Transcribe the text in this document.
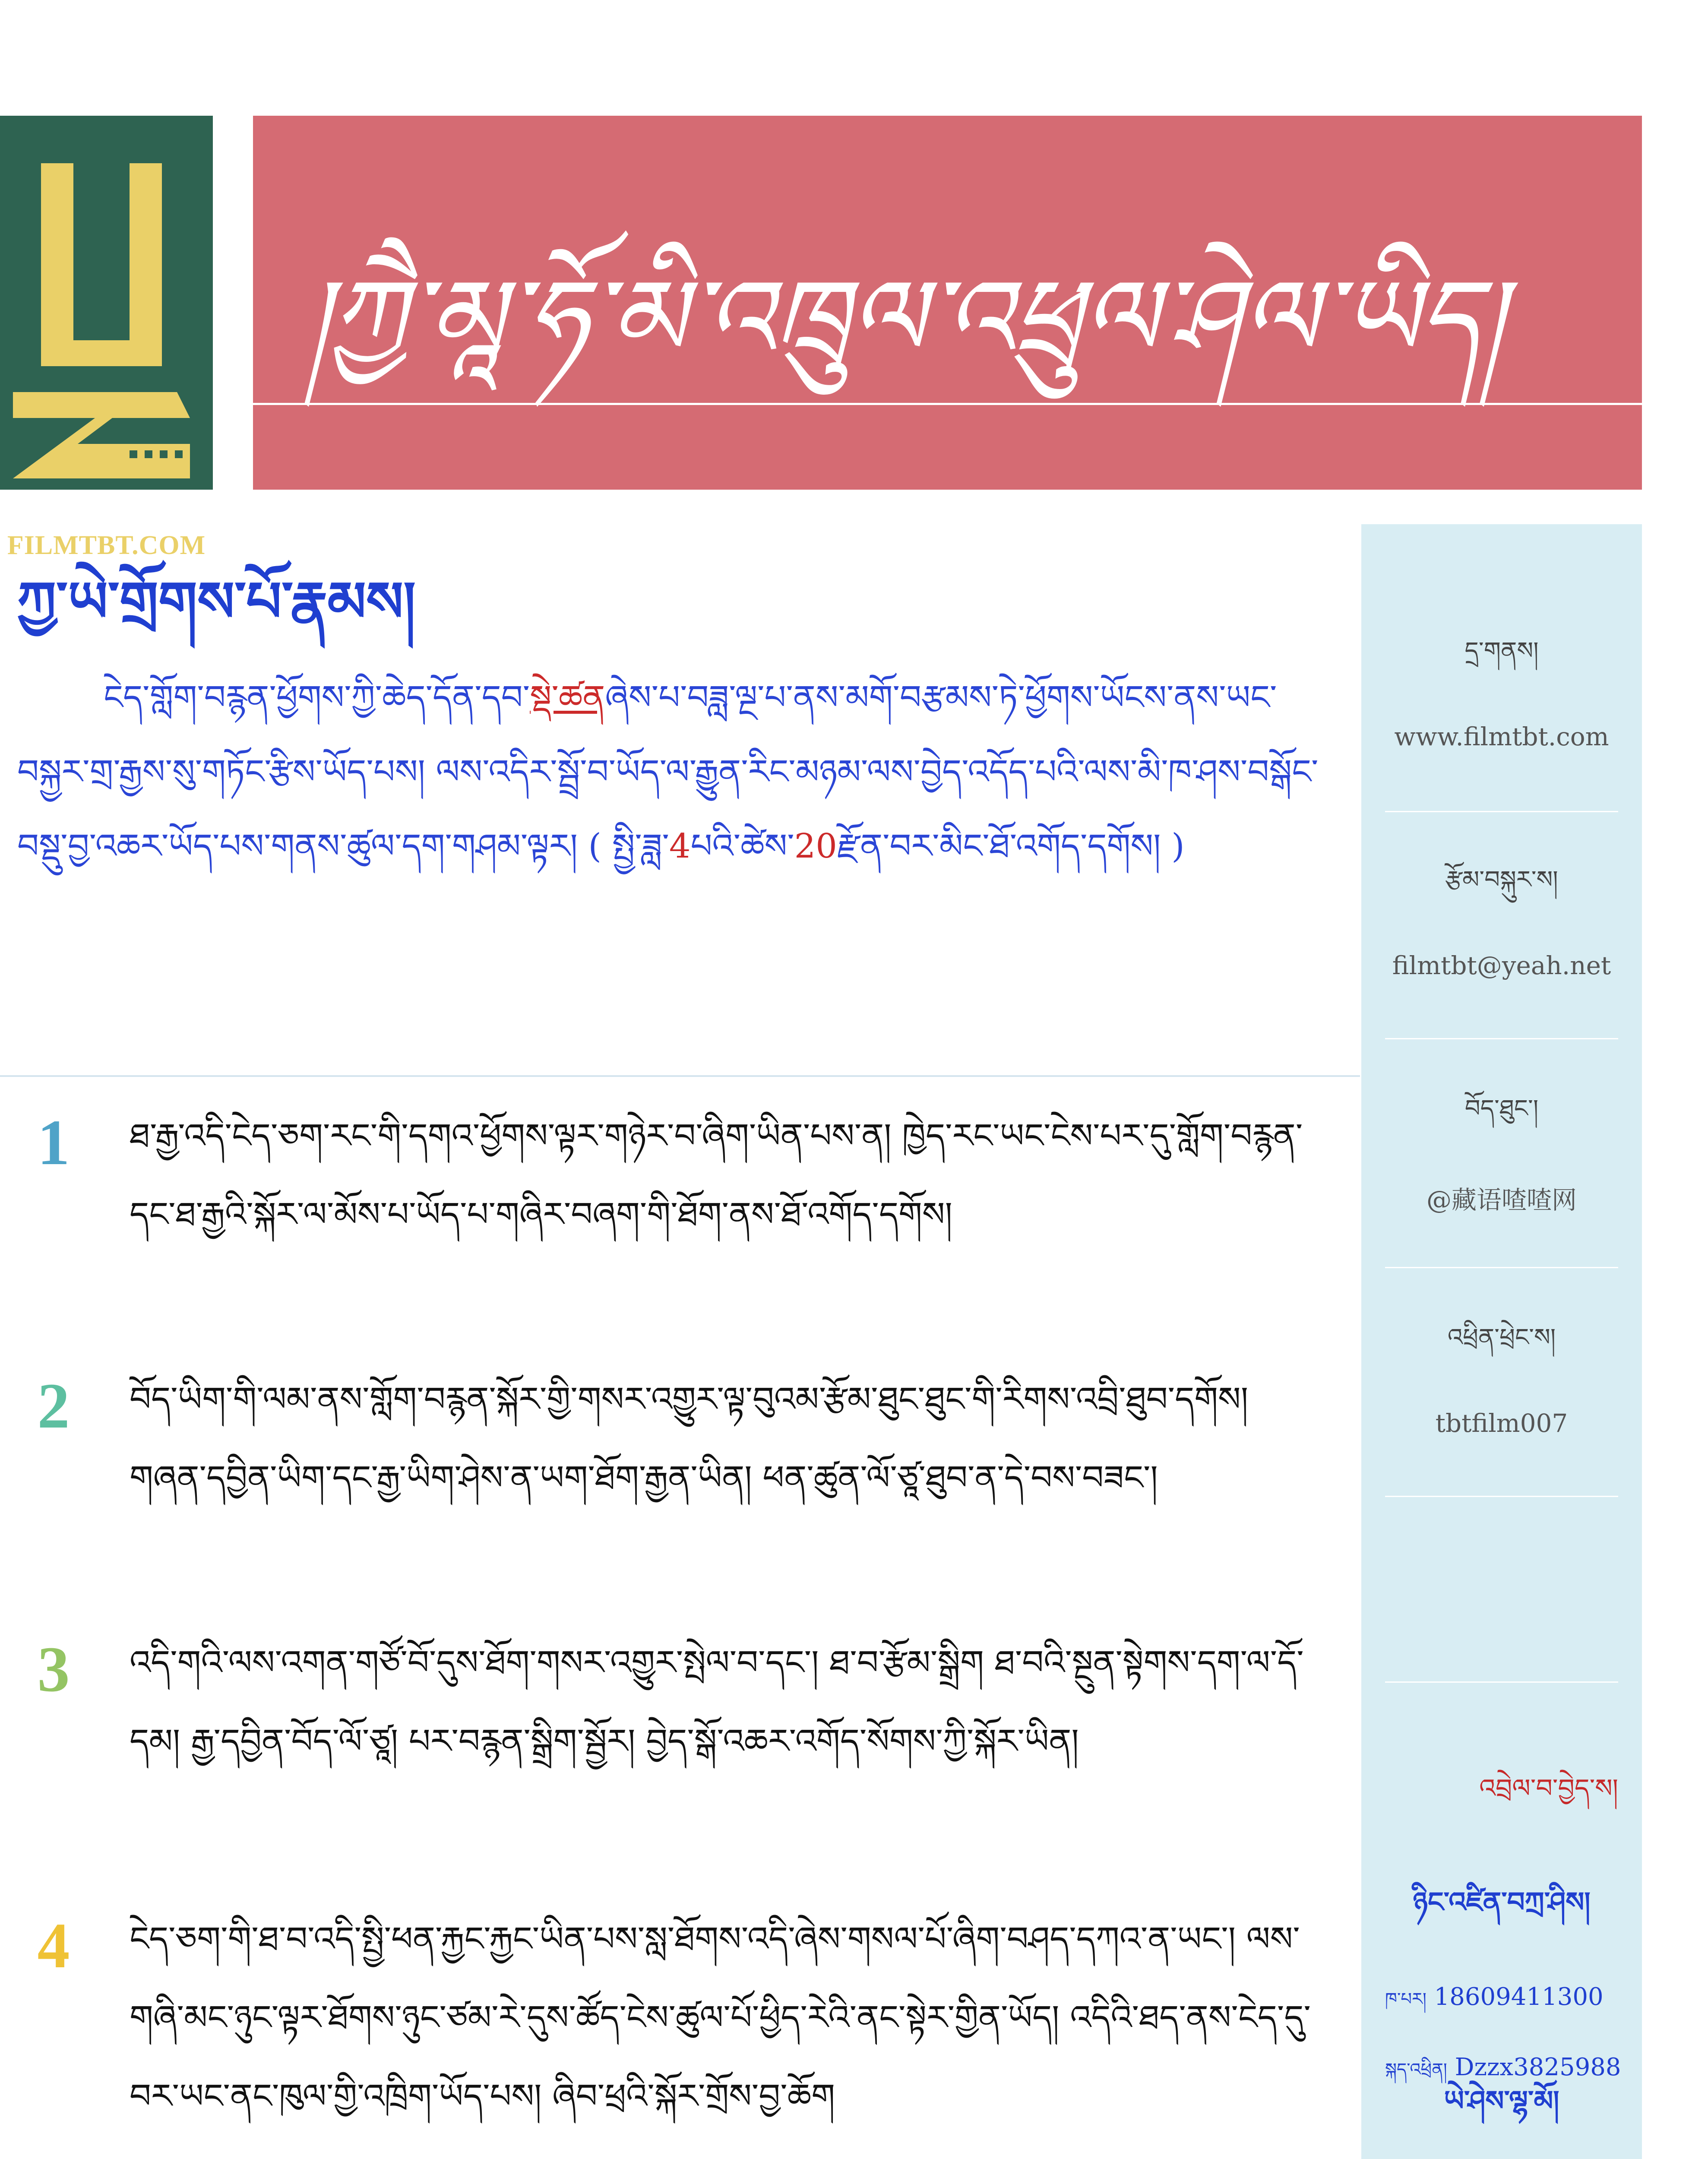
FILMTBT.COM
།ཀྱཻ་མཱ་ཧོ་མི་འཁྲུལ་འཕྲུལ་ཤེལ་ཡིད།
ཀྱ་ཡེ་གྲོགས་པོ་རྣམས།
ངེད་གློག་བརྙན་ཕྱོགས་ཀྱི་ཆེད་དོན་དབ་སྡེ་ཚནཞེས་པ་བཟླ་ལྔ་པ་ནས་མགོ་བརྩམས་ཏེ་ཕྱོགས་ཡོངས་ནས་ཡང་བསྐྱར་གྲ་རྒྱས་སུ་གཏོང་རྩིས་ཡོད་པས། ལས་འདིར་སྦྲོ་བ་ཡོད་ལ་རྒྱུན་རིང་མཉམ་ལས་བྱེད་འདོད་པའི་ལས་མི་ཁ་ཤས་བསྒོང་བསྡུ་བྱ་འཆར་ཡོད་པས་གནས་ཚུལ་དག་གཤམ་ལྟར། ( སྤྱི་ཟླ་4པའི་ཚེས་20རྫོན་བར་མིང་ཐོ་འགོད་དགོས། )
1 ཐ་རྒྱ་འདི་ངེད་ཅག་རང་གི་དགའ་ཕྱོགས་ལྟར་གཉེར་བ་ཞིག་ཡིན་པས་ན། ཁྱེད་རང་ཡང་ངེས་པར་དུ་གློག་བརྙན་དང་ཐ་རྒྱའི་སྐོར་ལ་མོས་པ་ཡོད་པ་གཞིར་བཞག་གི་ཐོག་ནས་ཐོ་འགོད་དགོས།
2 བོད་ཡིག་གི་ལམ་ནས་གློག་བརྙན་སྐོར་གྱི་གསར་འགྱུར་ལྟ་བུའམ་རྩོམ་ཐུང་ཐུང་གི་རིགས་འབྲི་ཐུབ་དགོས། གཞན་དབྱིན་ཡིག་དང་རྒྱ་ཡིག་ཤེས་ན་ཡག་ཐོག་རྒྱན་ཡིན། ཕན་ཚུན་ལོ་ཙཱ་ཐུབ་ན་དེ་བས་བཟང་།
3 འདི་གའི་ལས་འགན་གཙོ་བོ་དུས་ཐོག་གསར་འགྱུར་སྤེལ་བ་དང་། ཐ་བ་རྩོམ་སྒྲིག ཐ་བའི་སྔུན་སྟེགས་དག་ལ་དོ་དམ། རྒྱ་དབྱིན་བོད་ལོ་ཙཱ། པར་བརྙན་སྒྲིག་སྦྱོར། བྱེད་སྒོ་འཆར་འགོད་སོགས་ཀྱི་སྐོར་ཡིན།
4 ངེད་ཅག་གི་ཐ་བ་འདི་སྤྱི་ཕན་རྐྱང་རྐྱང་ཡིན་པས་སླ་ཐོགས་འདི་ཞེས་གསལ་པོ་ཞིག་བཤད་དཀའ་ན་ཡང་། ལས་གཞི་མང་ཉུང་ལྟར་ཐོགས་ཉུང་ཙམ་རེ་དུས་ཚོད་ངེས་ཚུལ་པོ་ཕྱིད་རེའི་ནང་སྟེར་གྱིན་ཡོད། འདིའི་ཐད་ནས་ངེད་དུ་བར་ཡང་ནང་ཁུལ་གྱི་འཁྲིག་ཡོད་པས། ཞིབ་ཕྲའི་སྐོར་གྲོས་བྱ་ཆོག
དྲ་གནས།
www.filmtbt.com
རྩོམ་བསྐུར་ས།
filmtbt@yeah.net
བོད་ཐུང་།
@藏语喳喳网
འཕྲིན་ཕྲེང་ས།
tbtfilm007
འབྲེལ་བ་བྱེད་ས།
ཉིང་འཛིན་བཀྲ་ཤིས།
ཁ་པར། 18609411300
སྐད་འཕྲིན། Dzzx3825988
ཡེ་ཤེས་ལྷ་མོ།
